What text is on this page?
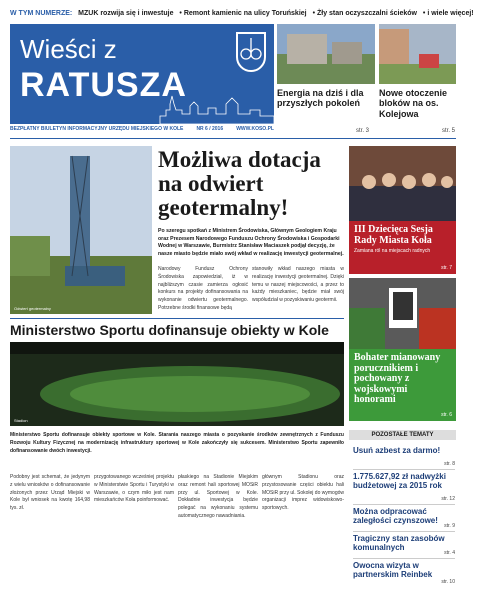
W TYM NUMERZE: MZUK rozwija się i inwestuje • Remont kamienic na ulicy Toruńskiej • Żły stan oczyszczalni ścieków • i wiele więcej!
Wieści z
RATUSZA
BEZPŁATNY BIULETYN INFORMACYJNY URZĘDU MIEJSKIEGO W KOLE	NR 6 / 2016	WWW.KOSO.PL
Energia na dziś i dla przyszłych pokoleń
Nowe otoczenie bloków na os. Kolejowa
str. 3	str. 5
Odwiert geotermalny
Możliwa dotacja na odwiert geotermalny!
Po szeregu spotkań z Ministrem Środowiska, Głównym Geologiem Kraju oraz Prezesem Narodowego Funduszu Ochrony Środowiska i Gospodarki Wodnej w Warszawie, Burmistrz Stanisław Maciaszek podjął decyzję, że nasze miasto będzie miało swój wkład w realizację inwestycji geotermalnej.
Narodowy Fundusz Ochrony Środowiska zapowiedział, iż w najbliższym czasie zamierza ogłosić konkurs na projekty dofinansowania na wykonanie odwiertu geotermalnego. Potrzebne środki finansowe będą
stanowiły wkład naszego miasta w realizację inwestycji geotermalnej. Dzięki temu w naszej miejscowości, a przez to każdy mieszkaniec, będzie miał swój współudział w pozyskiwaniu geotermii.
Ministerstwo Sportu dofinansuje obiekty w Kole
Stadion
Ministerstwo Sportu dofinansuje obiekty sportowe w Kole. Starania naszego miasta o pozyskanie środków zewnętrznych z Funduszu Rozwoju Kultury Fizycznej na modernizację infrastruktury sportowej w Kole zakończyły się sukcesem. Ministerstwo Sportu zapewniło dofinansowanie dwóch inwestycji.
Podobny jest schemat, że jedynym z wielu wniosków o dofinansowanie złożonych przez Urząd Miejski w Kole był wniosek na kwotę 164,98 tys. zł.
przygotowanego wcześniej projektu w Ministerstwie Sportu i Turystyki w Warszawie, o czym miło jest nam mieszkańców Koła poinformować.
płaskiego na Stadionie Miejskim oraz remont hali sportowej MOSiR przy ul. Sportowej w Kole. Dokładnie inwestycja będzie polegać na wykonaniu systemu automatycznego nawadniania.
głównym Stadionu oraz przystosowanie części obiektu hali MOSiR przy ul. Sokolej do wymogów organizacji imprez widowiskowo-sportowych.
III Dziecięca Sesja Rady Miasta Koła
Zamiana ról na miejscach radnych
str. 7
Bohater mianowany porucznikiem i pochowany z wojskowymi honorami
str. 6
POZOSTAŁE TEMATY
Usuń azbest za darmo!
str. 8
1.775.627,92 zł nadwyżki budżetowej za 2015 rok
str. 12
Można odpracować zaległości czynszowe!
str. 9
Tragiczny stan zasobów komunalnych
str. 4
Owocna wizyta w partnerskim Reinbek
str. 10
